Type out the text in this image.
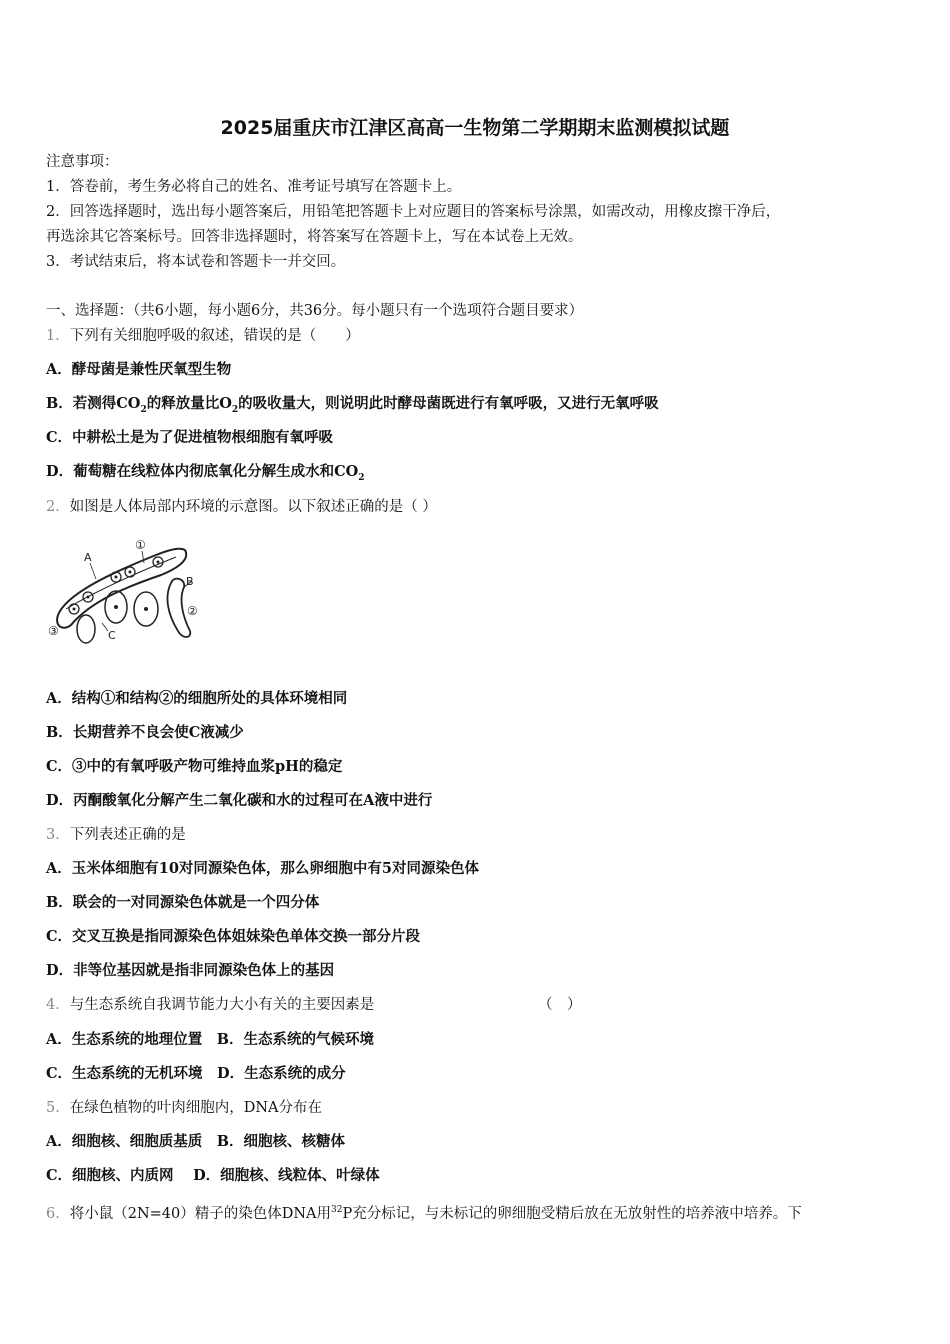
2025届重庆市江津区高高一生物第二学期期末监测模拟试题
注意事项：
1．答卷前，考生务必将自己的姓名、准考证号填写在答题卡上。
2．回答选择题时，选出每小题答案后，用铅笔把答题卡上对应题目的答案标号涂黑，如需改动，用橡皮擦干净后，
再选涂其它答案标号。回答非选择题时，将答案写在答题卡上，写在本试卷上无效。
3．考试结束后，将本试卷和答题卡一并交回。
一、选择题：（共6小题，每小题6分，共36分。每小题只有一个选项符合题目要求）
1．下列有关细胞呼吸的叙述，错误的是（　　）
A．酵母菌是兼性厌氧型生物
B．若测得$CO_2$的释放量比$O_2$的吸收量大，则说明此时酵母菌既进行有氧呼吸，又进行无氧呼吸
C．中耕松土是为了促进植物根细胞有氧呼吸
D．葡萄糖在线粒体内彻底氧化分解生成水和$CO_2$
2．如图是人体局部内环境的示意图。以下叙述正确的是（ ）
A
①
B
②
③	C
A．结构①和结构②的细胞所处的具体环境相同
B．长期营养不良会使C液减少
C．③中的有氧呼吸产物可维持血浆pH的稳定
D．丙酮酸氧化分解产生二氧化碳和水的过程可在A液中进行
3．下列表述正确的是
A．玉米体细胞有10对同源染色体，那么卵细胞中有5对同源染色体
B．联会的一对同源染色体就是一个四分体
C．交叉互换是指同源染色体姐妹染色单体交换一部分片段
D．非等位基因就是指非同源染色体上的基因
4．与生态系统自我调节能力大小有关的主要因素是	（　）
A．生态系统的地理位置　B．生态系统的气候环境
C．生态系统的无机环境　D．生态系统的成分
5．在绿色植物的叶肉细胞内，DNA分布在
A．细胞核、细胞质基质　B．细胞核、核糖体
C．细胞核、内质网　 D．细胞核、线粒体、叶绿体
6．将小鼠（2N=40）精子的染色体DNA用$^{32}$P充分标记，与未标记的卵细胞受精后放在无放射性的培养液中培养。下
